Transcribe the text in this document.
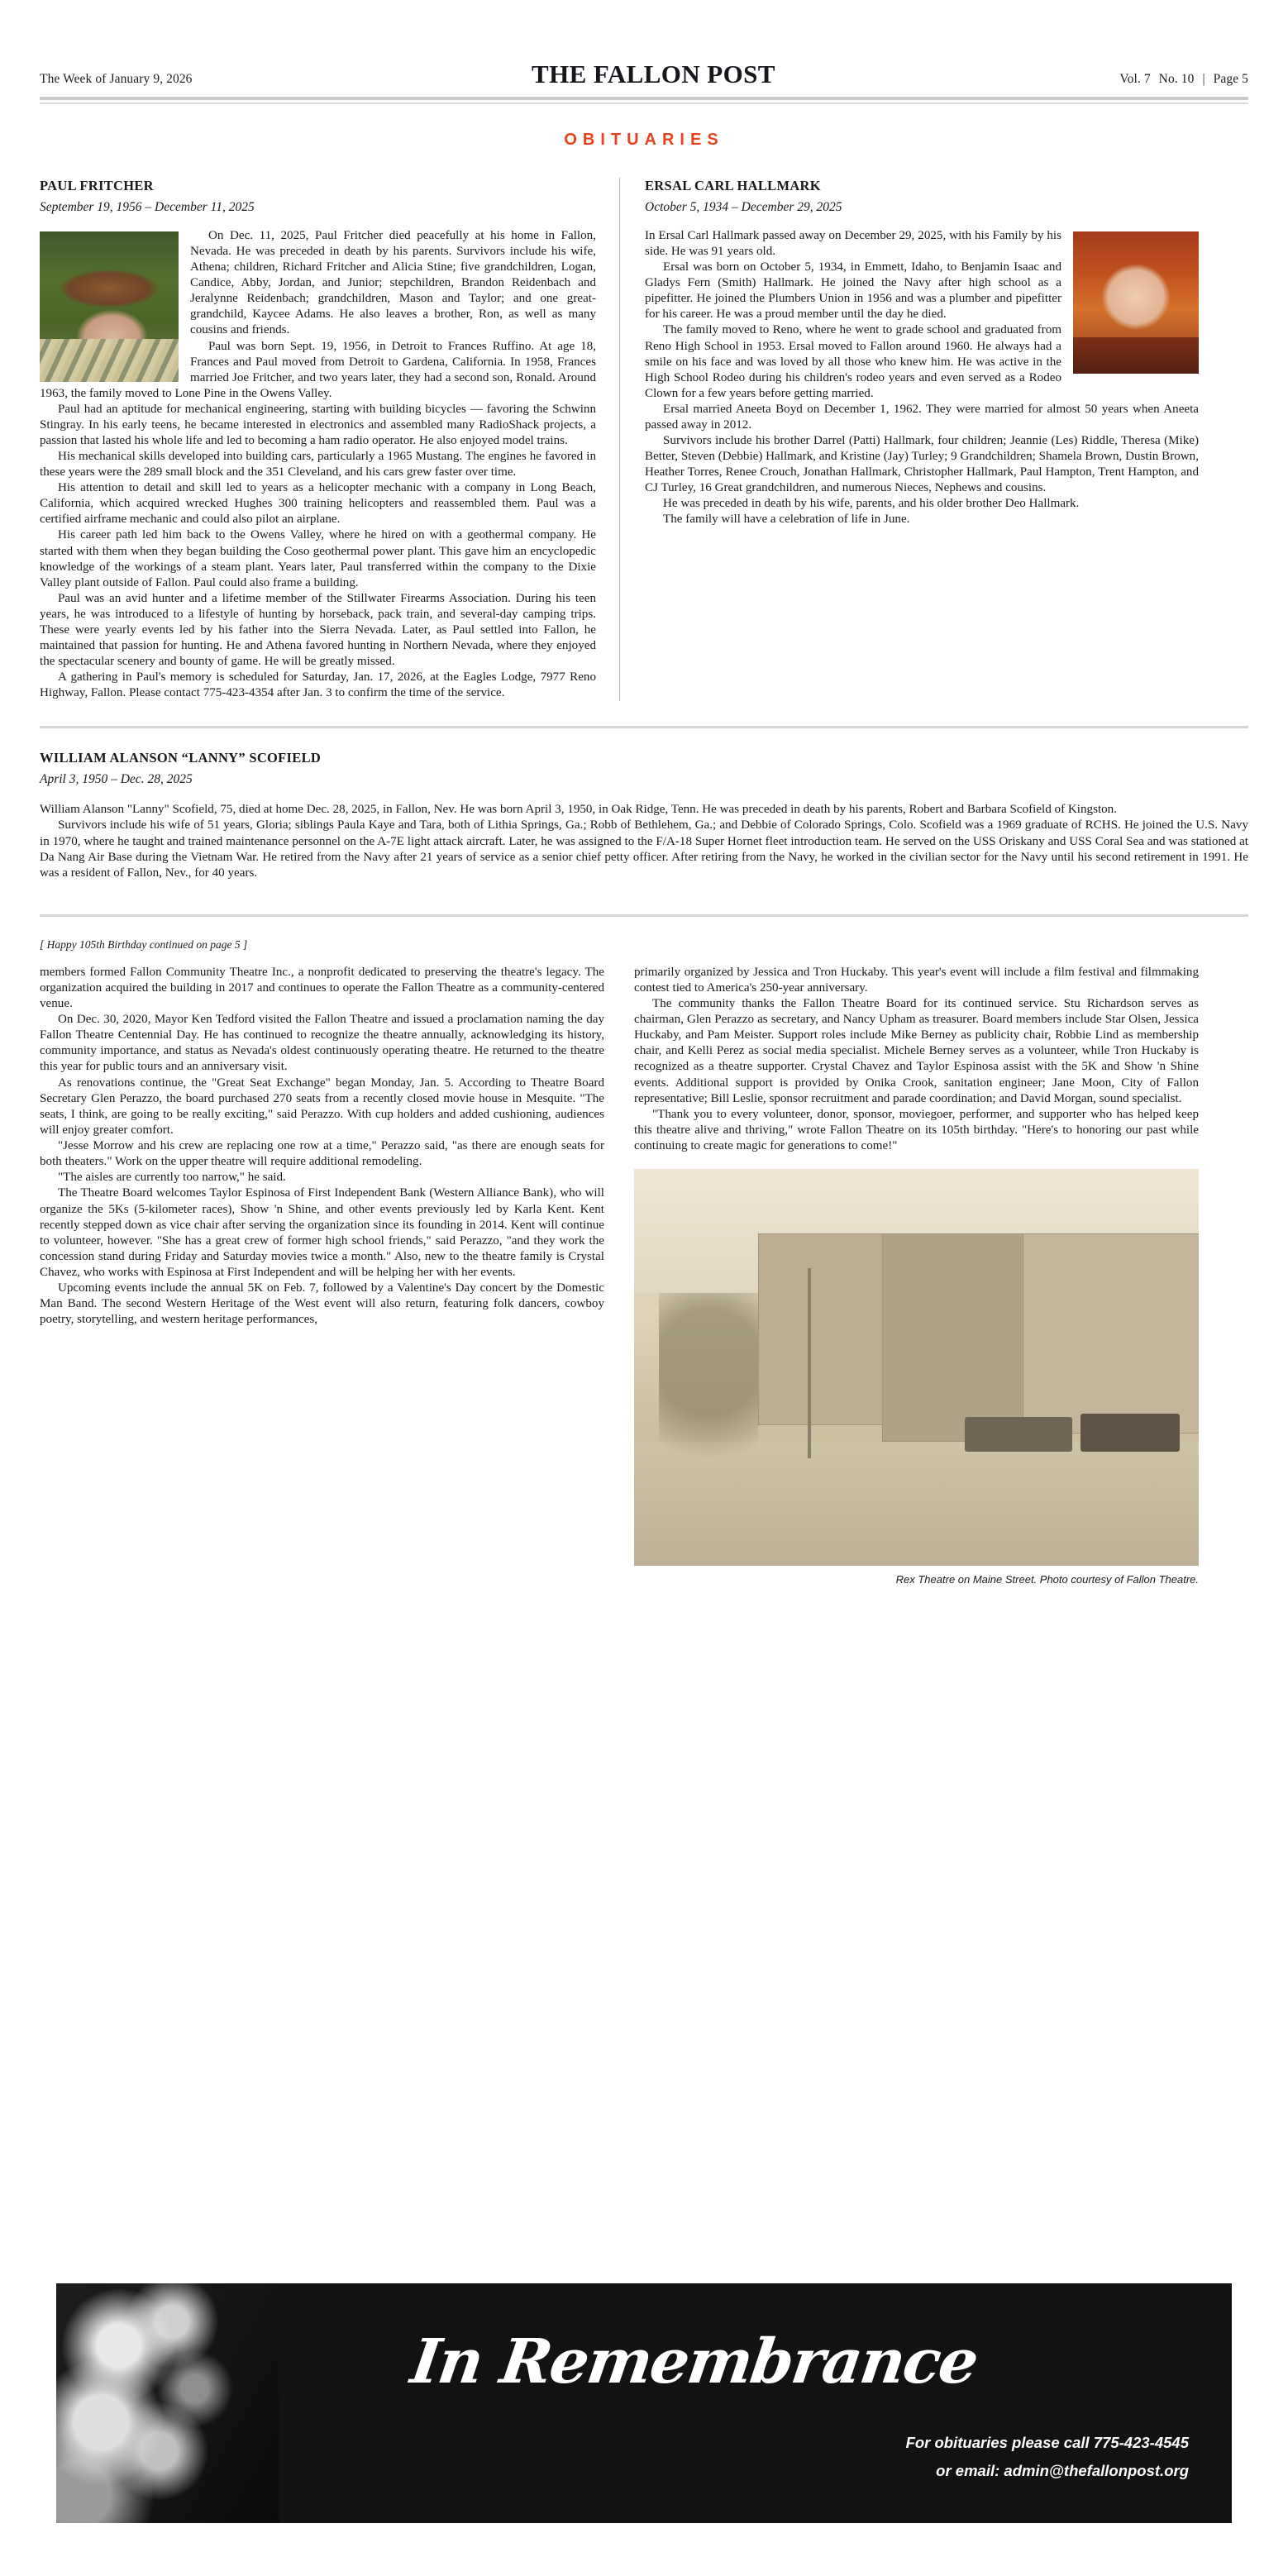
The Week of January 9, 2026	THE FALLON POST	Vol. 7 No. 10 | Page 5
OBITUARIES
PAUL FRITCHER
September 19, 1956 – December 11, 2025

On Dec. 11, 2025, Paul Fritcher died peacefully at his home in Fallon, Nevada. He was preceded in death by his parents. Survivors include his wife, Athena; children, Richard Fritcher and Alicia Stine; five grandchildren, Logan, Candice, Abby, Jordan, and Junior; stepchildren, Brandon Reidenbach and Jeralynne Reidenbach; grandchildren, Mason and Taylor; and one great-grandchild, Kaycee Adams. He also leaves a brother, Ron, as well as many cousins and friends.

Paul was born Sept. 19, 1956, in Detroit to Frances Ruffino. At age 18, Frances and Paul moved from Detroit to Gardena, California. In 1958, Frances married Joe Fritcher, and two years later, they had a second son, Ronald. Around 1963, the family moved to Lone Pine in the Owens Valley.

Paul had an aptitude for mechanical engineering, starting with building bicycles — favoring the Schwinn Stingray. In his early teens, he became interested in electronics and assembled many RadioShack projects, a passion that lasted his whole life and led to becoming a ham radio operator. He also enjoyed model trains.

His mechanical skills developed into building cars, particularly a 1965 Mustang. The engines he favored in these years were the 289 small block and the 351 Cleveland, and his cars grew faster over time.

His attention to detail and skill led to years as a helicopter mechanic with a company in Long Beach, California, which acquired wrecked Hughes 300 training helicopters and reassembled them. Paul was a certified airframe mechanic and could also pilot an airplane.

His career path led him back to the Owens Valley, where he hired on with a geothermal company. He started with them when they began building the Coso geothermal power plant. This gave him an encyclopedic knowledge of the workings of a steam plant. Years later, Paul transferred within the company to the Dixie Valley plant outside of Fallon. Paul could also frame a building.

Paul was an avid hunter and a lifetime member of the Stillwater Firearms Association. During his teen years, he was introduced to a lifestyle of hunting by horseback, pack train, and several-day camping trips. These were yearly events led by his father into the Sierra Nevada. Later, as Paul settled into Fallon, he maintained that passion for hunting. He and Athena favored hunting in Northern Nevada, where they enjoyed the spectacular scenery and bounty of game. He will be greatly missed.

A gathering in Paul's memory is scheduled for Saturday, Jan. 17, 2026, at the Eagles Lodge, 7977 Reno Highway, Fallon. Please contact 775-423-4354 after Jan. 3 to confirm the time of the service.

ERSAL CARL HALLMARK
October 5, 1934 – December 29, 2025

In Ersal Carl Hallmark passed away on December 29, 2025, with his Family by his side. He was 91 years old.

Ersal was born on October 5, 1934, in Emmett, Idaho, to Benjamin Isaac and Gladys Fern (Smith) Hallmark. He joined the Navy after high school as a pipefitter. He joined the Plumbers Union in 1956 and was a plumber and pipefitter for his career. He was a proud member until the day he died.

The family moved to Reno, where he went to grade school and graduated from Reno High School in 1953. Ersal moved to Fallon around 1960. He always had a smile on his face and was loved by all those who knew him. He was active in the High School Rodeo during his children's rodeo years and even served as a Rodeo Clown for a few years before getting married.

Ersal married Aneeta Boyd on December 1, 1962. They were married for almost 50 years when Aneeta passed away in 2012.

Survivors include his brother Darrel (Patti) Hallmark, four children; Jeannie (Les) Riddle, Theresa (Mike) Better, Steven (Debbie) Hallmark, and Kristine (Jay) Turley; 9 Grandchildren; Shamela Brown, Dustin Brown, Heather Torres, Renee Crouch, Jonathan Hallmark, Christopher Hallmark, Paul Hampton, Trent Hampton, and CJ Turley, 16 Great grandchildren, and numerous Nieces, Nephews and cousins.

He was preceded in death by his wife, parents, and his older brother Deo Hallmark.

The family will have a celebration of life in June.

WILLIAM ALANSON “LANNY” SCOFIELD
April 3, 1950 – Dec. 28, 2025

William Alanson "Lanny" Scofield, 75, died at home Dec. 28, 2025, in Fallon, Nev. He was born April 3, 1950, in Oak Ridge, Tenn. He was preceded in death by his parents, Robert and Barbara Scofield of Kingston.

Survivors include his wife of 51 years, Gloria; siblings Paula Kaye and Tara, both of Lithia Springs, Ga.; Robb of Bethlehem, Ga.; and Debbie of Colorado Springs, Colo. Scofield was a 1969 graduate of RCHS. He joined the U.S. Navy in 1970, where he taught and trained maintenance personnel on the A-7E light attack aircraft. Later, he was assigned to the F/A-18 Super Hornet fleet introduction team. He served on the USS Oriskany and USS Coral Sea and was stationed at Da Nang Air Base during the Vietnam War. He retired from the Navy after 21 years of service as a senior chief petty officer. After retiring from the Navy, he worked in the civilian sector for the Navy until his second retirement in 1991. He was a resident of Fallon, Nev., for 40 years.

[ Happy 105th Birthday continued on page 5 ]

members formed Fallon Community Theatre Inc., a nonprofit dedicated to preserving the theatre's legacy. The organization acquired the building in 2017 and continues to operate the Fallon Theatre as a community-centered venue.

On Dec. 30, 2020, Mayor Ken Tedford visited the Fallon Theatre and issued a proclamation naming the day Fallon Theatre Centennial Day. He has continued to recognize the theatre annually, acknowledging its history, community importance, and status as Nevada's oldest continuously operating theatre. He returned to the theatre this year for public tours and an anniversary visit.

As renovations continue, the "Great Seat Exchange" began Monday, Jan. 5. According to Theatre Board Secretary Glen Perazzo, the board purchased 270 seats from a recently closed movie house in Mesquite. "The seats, I think, are going to be really exciting," said Perazzo. With cup holders and added cushioning, audiences will enjoy greater comfort.

"Jesse Morrow and his crew are replacing one row at a time," Perazzo said, "as there are enough seats for both theaters." Work on the upper theatre will require additional remodeling.

"The aisles are currently too narrow," he said.

The Theatre Board welcomes Taylor Espinosa of First Independent Bank (Western Alliance Bank), who will organize the 5Ks (5-kilometer races), Show 'n Shine, and other events previously led by Karla Kent. Kent recently stepped down as vice chair after serving the organization since its founding in 2014. Kent will continue to volunteer, however. "She has a great crew of former high school friends," said Perazzo, "and they work the concession stand during Friday and Saturday movies twice a month." Also, new to the theatre family is Crystal Chavez, who works with Espinosa at First Independent and will be helping her with her events.

Upcoming events include the annual 5K on Feb. 7, followed by a Valentine's Day concert by the Domestic Man Band. The second Western Heritage of the West event will also return, featuring folk dancers, cowboy poetry, storytelling, and western heritage performances,

primarily organized by Jessica and Tron Huckaby. This year's event will include a film festival and filmmaking contest tied to America's 250-year anniversary.

The community thanks the Fallon Theatre Board for its continued service. Stu Richardson serves as chairman, Glen Perazzo as secretary, and Nancy Upham as treasurer. Board members include Star Olsen, Jessica Huckaby, and Pam Meister. Support roles include Mike Berney as publicity chair, Robbie Lind as membership chair, and Kelli Perez as social media specialist. Michele Berney serves as a volunteer, while Tron Huckaby is recognized as a theatre supporter. Crystal Chavez and Taylor Espinosa assist with the 5K and Show 'n Shine events. Additional support is provided by Onika Crook, sanitation engineer; Jane Moon, City of Fallon representative; Bill Leslie, sponsor recruitment and parade coordination; and David Morgan, sound specialist.

"Thank you to every volunteer, donor, sponsor, moviegoer, performer, and supporter who has helped keep this theatre alive and thriving," wrote Fallon Theatre on its 105th birthday. "Here's to honoring our past while continuing to create magic for generations to come!"

Rex Theatre on Maine Street. Photo courtesy of Fallon Theatre.
In Remembrance
For obituaries please call 775-423-4545
or email: admin@thefallonpost.org
